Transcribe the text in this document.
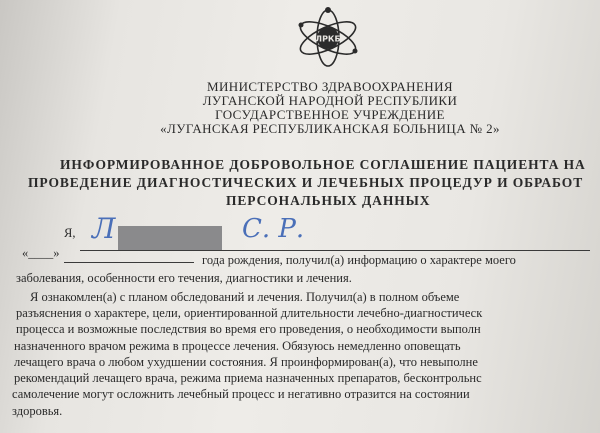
ЛРКБ
МИНИСТЕРСТВО ЗДРАВООХРАНЕНИЯ
ЛУГАНСКОЙ НАРОДНОЙ РЕСПУБЛИКИ
ГОСУДАРСТВЕННОЕ УЧРЕЖДЕНИЕ
«ЛУГАНСКАЯ РЕСПУБЛИКАНСКАЯ БОЛЬНИЦА № 2»
ИНФОРМИРОВАННОЕ ДОБРОВОЛЬНОЕ СОГЛАШЕНИЕ ПАЦИЕНТА НА
ПРОВЕДЕНИЕ ДИАГНОСТИЧЕСКИХ И ЛЕЧЕБНЫХ ПРОЦЕДУР И ОБРАБОТ
ПЕРСОНАЛЬНЫХ ДАННЫХ
Я, Л	С. Р.
«____»	года рождения, получил(а) информацию о характере моего
заболевания, особенности его течения, диагностики и лечения.
Я ознакомлен(а) с планом обследований и лечения. Получил(а) в полном объеме
разъяснения о характере, цели, ориентированной длительности лечебно-диагностическ
процесса и возможные последствия во время его проведения, о необходимости выполн
назначенного врачом режима в процессе лечения. Обязуюсь немедленно оповещать
лечащего врача о любом ухудшении состояния. Я проинформирован(а), что невыполне
рекомендаций лечащего врача, режима приема назначенных препаратов, бесконтрольнс
самолечение могут осложнить лечебный процесс и негативно отразится на состоянии
здоровья.
